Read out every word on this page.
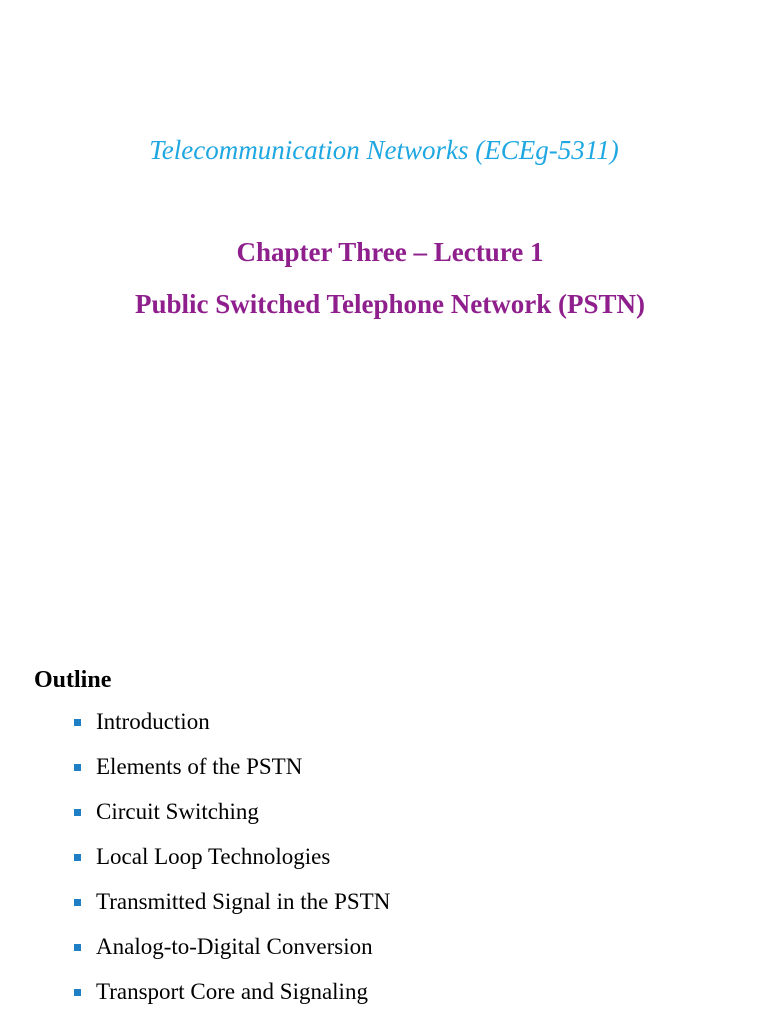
Telecommunication Networks (ECEg-5311)
Chapter Three – Lecture 1
Public Switched Telephone Network (PSTN)
Outline
Introduction
Elements of the PSTN
Circuit Switching
Local Loop Technologies
Transmitted Signal in the PSTN
Analog-to-Digital Conversion
Transport Core and Signaling
